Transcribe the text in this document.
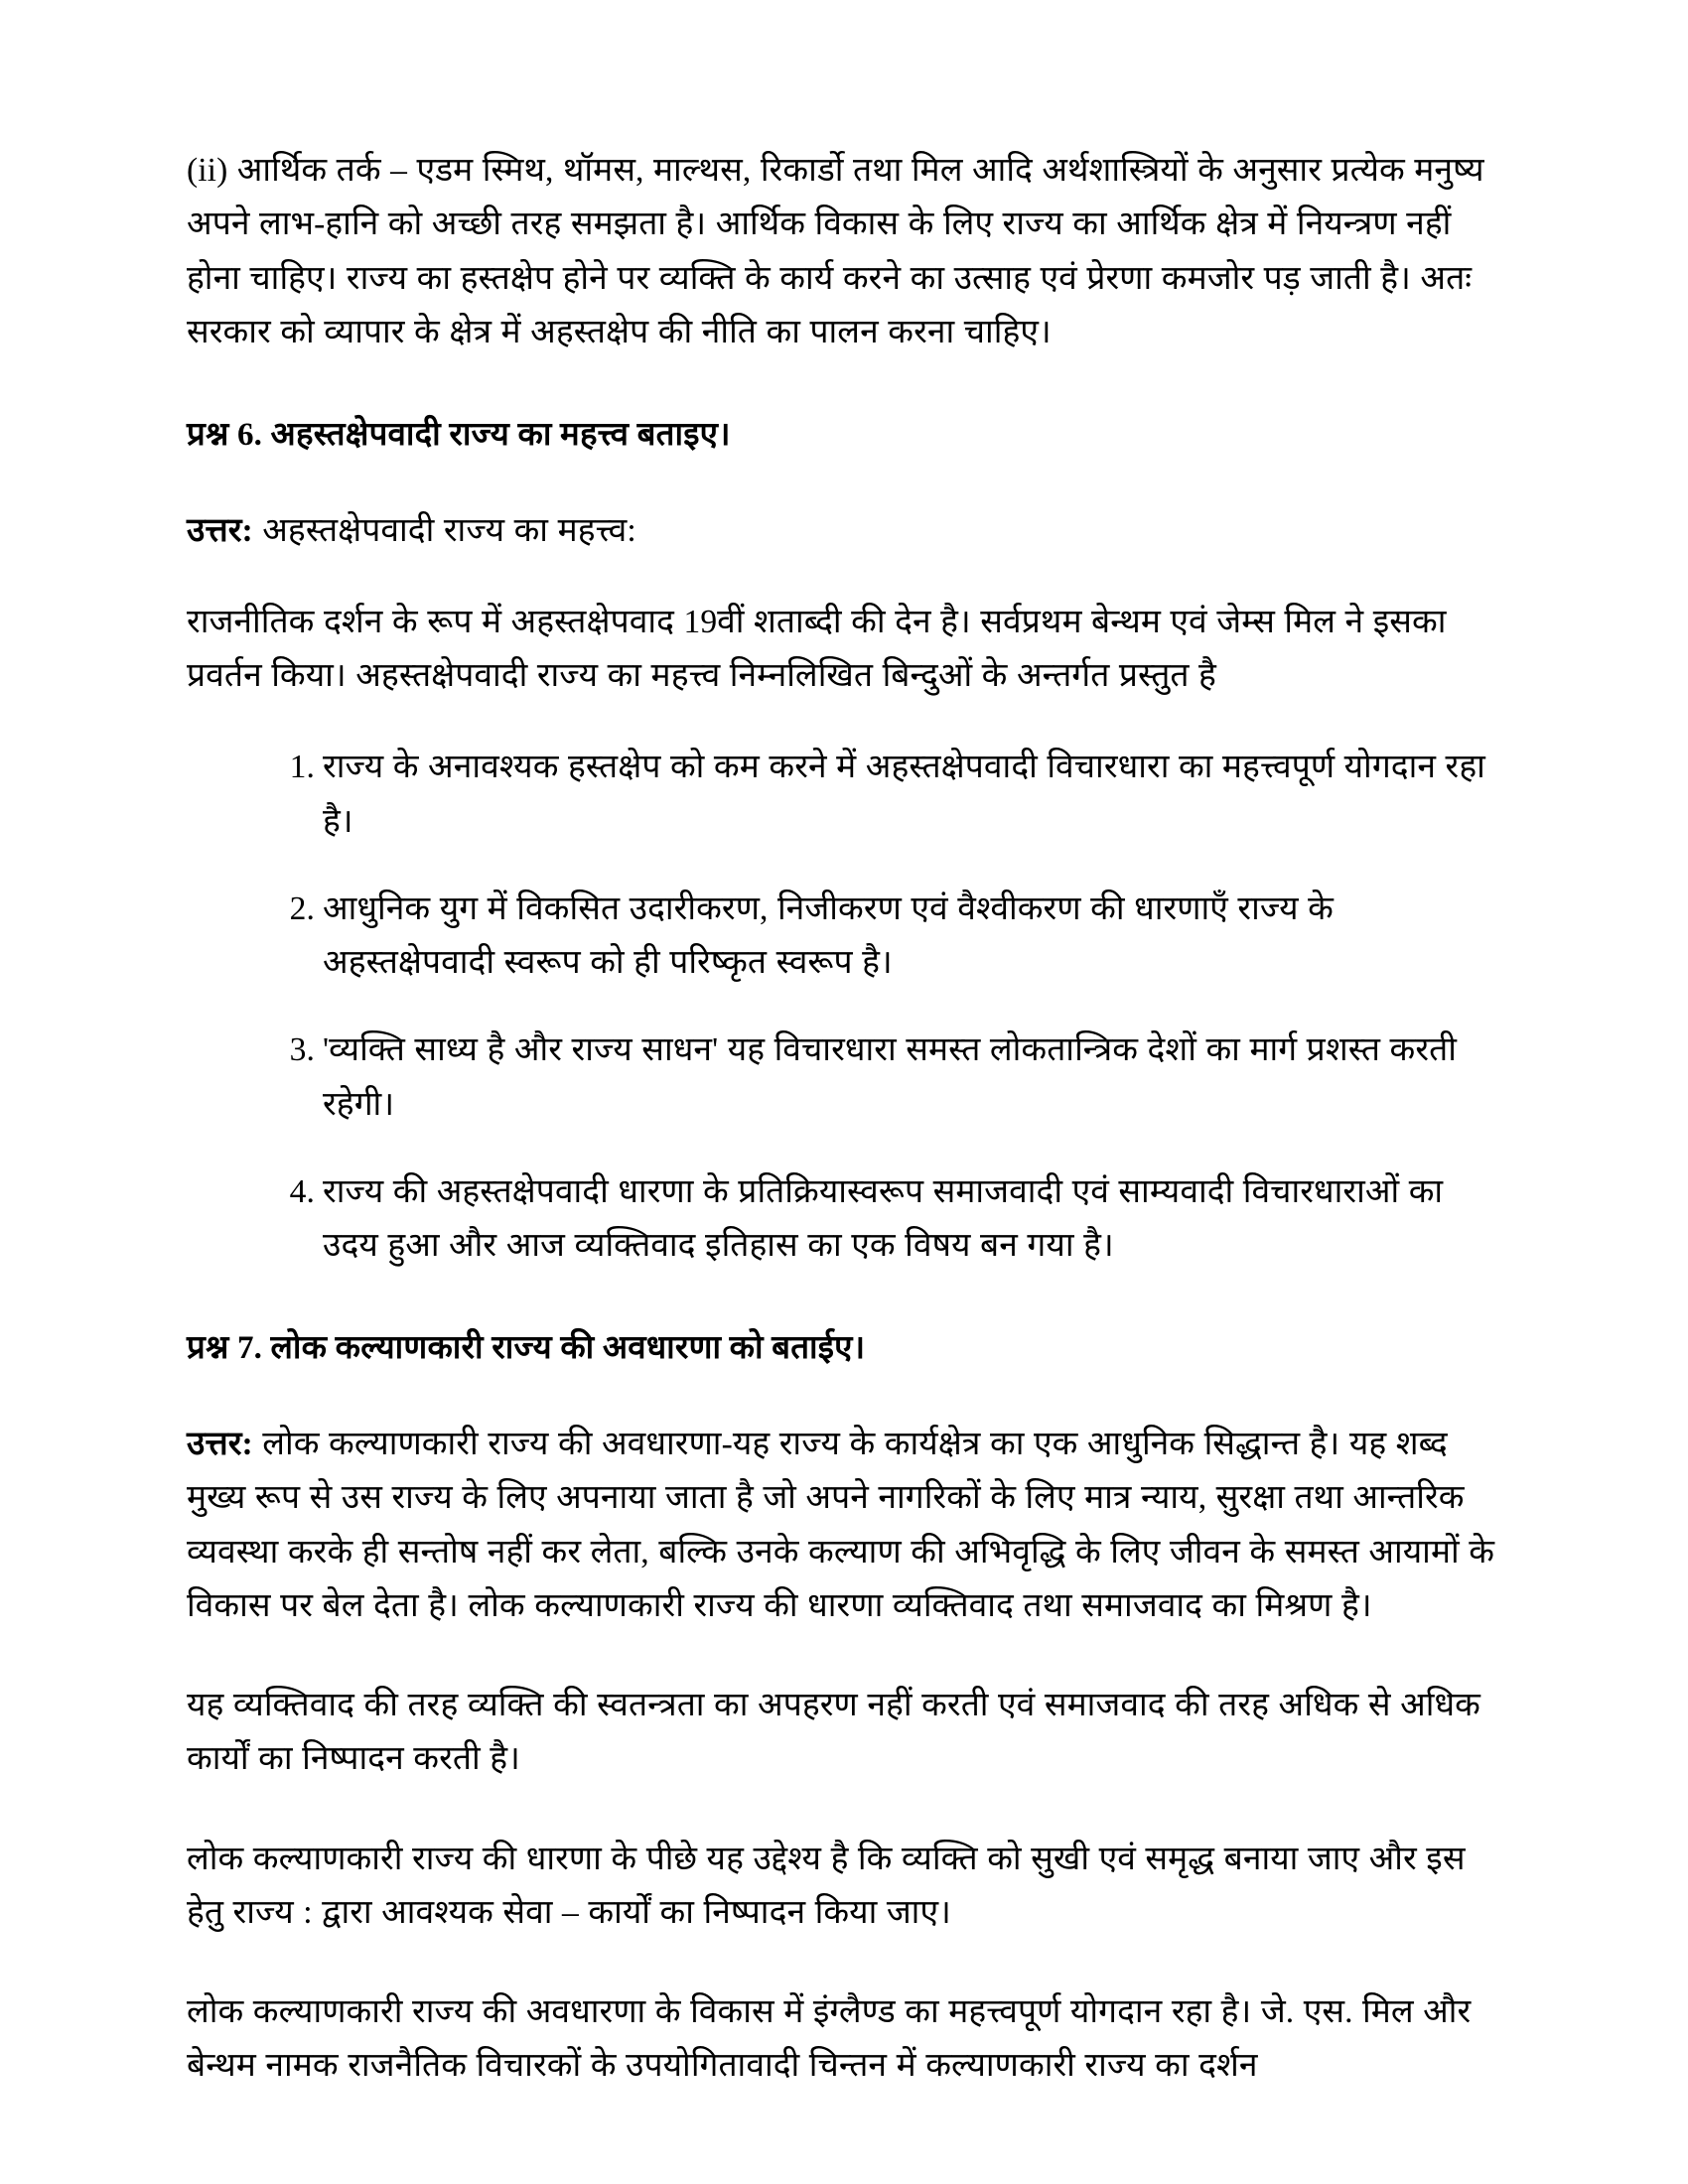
(ii) आर्थिक तर्क – एडम स्मिथ, थॉमस, माल्थस, रिकार्डो तथा मिल आदि अर्थशास्त्रियों के अनुसार प्रत्येक मनुष्य अपने लाभ-हानि को अच्छी तरह समझता है। आर्थिक विकास के लिए राज्य का आर्थिक क्षेत्र में नियन्त्रण नहीं होना चाहिए। राज्य का हस्तक्षेप होने पर व्यक्ति के कार्य करने का उत्साह एवं प्रेरणा कमजोर पड़ जाती है। अतः सरकार को व्यापार के क्षेत्र में अहस्तक्षेप की नीति का पालन करना चाहिए।

प्रश्न 6. अहस्तक्षेपवादी राज्य का महत्त्व बताइए।

उत्तर: अहस्तक्षेपवादी राज्य का महत्त्व:

राजनीतिक दर्शन के रूप में अहस्तक्षेपवाद 19वीं शताब्दी की देन है। सर्वप्रथम बेन्थम एवं जेम्स मिल ने इसका प्रवर्तन किया। अहस्तक्षेपवादी राज्य का महत्त्व निम्नलिखित बिन्दुओं के अन्तर्गत प्रस्तुत है

राज्य के अनावश्यक हस्तक्षेप को कम करने में अहस्तक्षेपवादी विचारधारा का महत्त्वपूर्ण योगदान रहा है।
आधुनिक युग में विकसित उदारीकरण, निजीकरण एवं वैश्वीकरण की धारणाएँ राज्य के अहस्तक्षेपवादी स्वरूप को ही परिष्कृत स्वरूप है।
'व्यक्ति साध्य है और राज्य साधन' यह विचारधारा समस्त लोकतान्त्रिक देशों का मार्ग प्रशस्त करती रहेगी।
राज्य की अहस्तक्षेपवादी धारणा के प्रतिक्रियास्वरूप समाजवादी एवं साम्यवादी विचारधाराओं का उदय हुआ और आज व्यक्तिवाद इतिहास का एक विषय बन गया है।
प्रश्न 7. लोक कल्याणकारी राज्य की अवधारणा को बताईए।

उत्तर: लोक कल्याणकारी राज्य की अवधारणा-यह राज्य के कार्यक्षेत्र का एक आधुनिक सिद्धान्त है। यह शब्द मुख्य रूप से उस राज्य के लिए अपनाया जाता है जो अपने नागरिकों के लिए मात्र न्याय, सुरक्षा तथा आन्तरिक व्यवस्था करके ही सन्तोष नहीं कर लेता, बल्कि उनके कल्याण की अभिवृद्धि के लिए जीवन के समस्त आयामों के विकास पर बेल देता है। लोक कल्याणकारी राज्य की धारणा व्यक्तिवाद तथा समाजवाद का मिश्रण है।

यह व्यक्तिवाद की तरह व्यक्ति की स्वतन्त्रता का अपहरण नहीं करती एवं समाजवाद की तरह अधिक से अधिक कार्यों का निष्पादन करती है।

लोक कल्याणकारी राज्य की धारणा के पीछे यह उद्देश्य है कि व्यक्ति को सुखी एवं समृद्ध बनाया जाए और इस हेतु राज्य : द्वारा आवश्यक सेवा – कार्यों का निष्पादन किया जाए।

लोक कल्याणकारी राज्य की अवधारणा के विकास में इंग्लैण्ड का महत्त्वपूर्ण योगदान रहा है। जे. एस. मिल और बेन्थम नामक राजनैतिक विचारकों के उपयोगितावादी चिन्तन में कल्याणकारी राज्य का दर्शन
